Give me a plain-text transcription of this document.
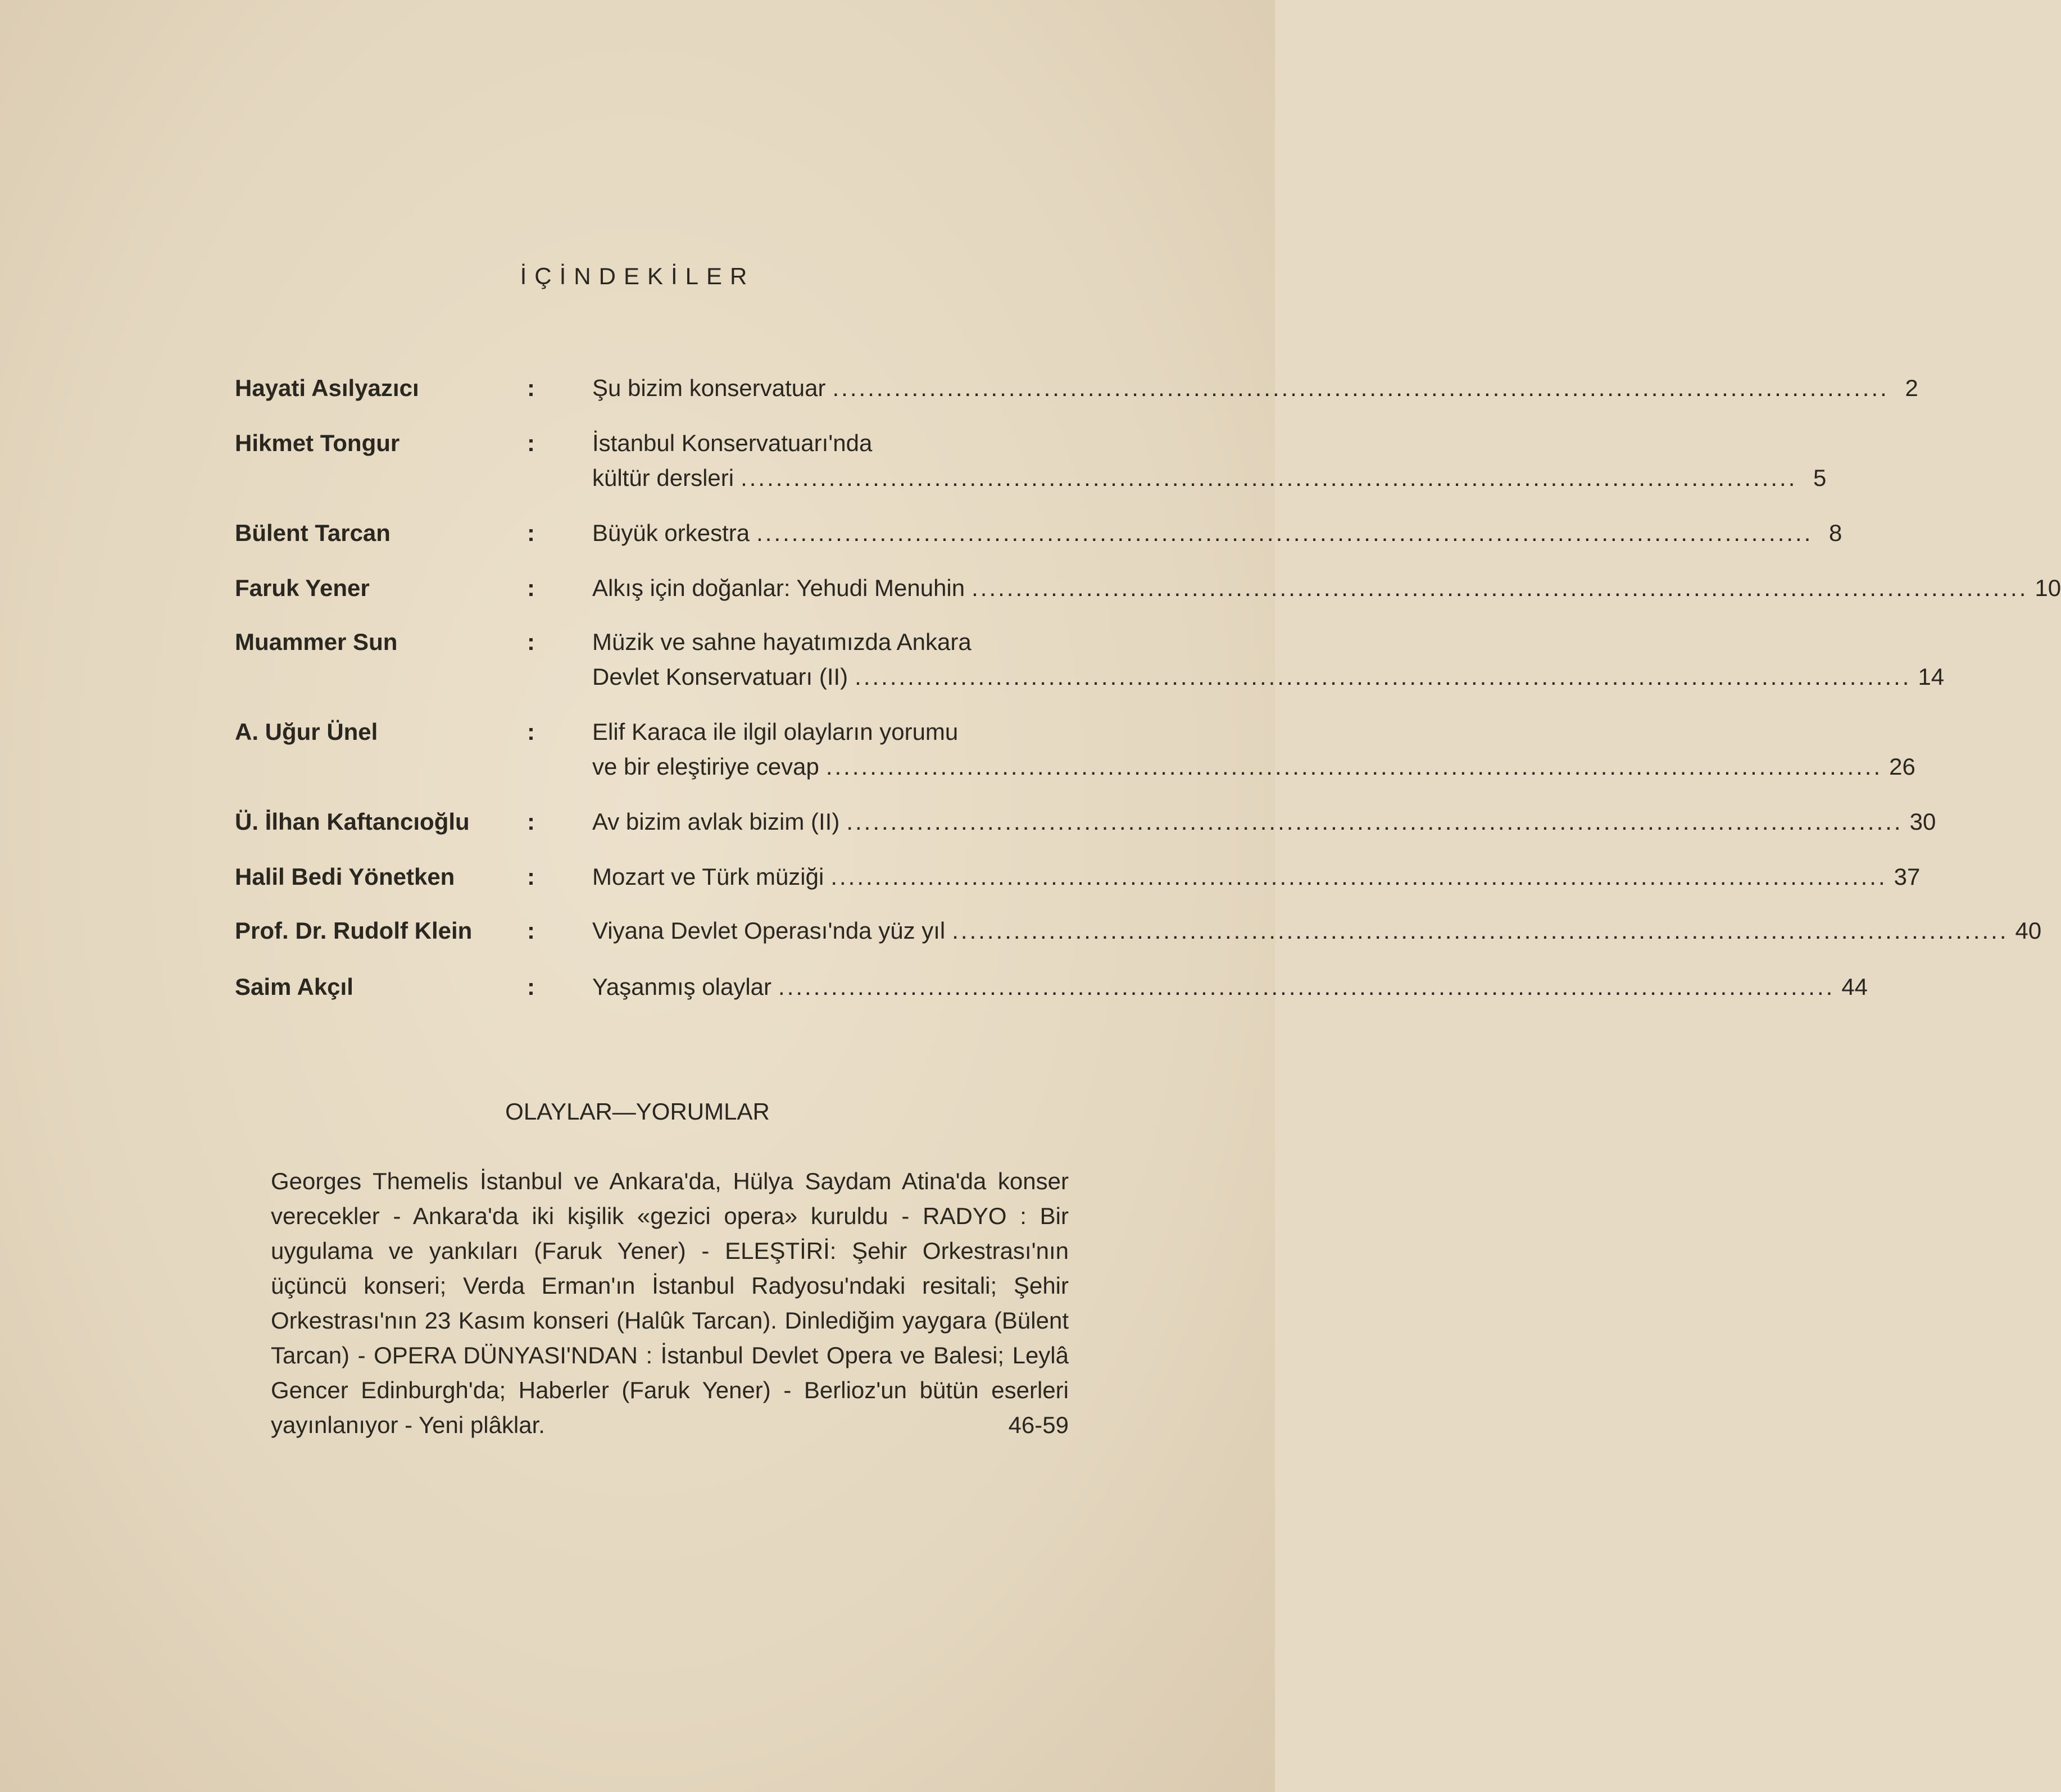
İÇİNDEKİLER
Hayati Asılyazıcı	: Şu bizim konservatuar ........................................................................................................................ 2
Hikmet Tongur	: İstanbul Konservatuarı'nda
kültür dersleri ........................................................................................................................ 5
Bülent Tarcan	: Büyük orkestra ........................................................................................................................ 8
Faruk Yener	: Alkış için doğanlar: Yehudi Menuhin ........................................................................................................................ 10
Muammer Sun	: Müzik ve sahne hayatımızda Ankara
Devlet Konservatuarı (II) ........................................................................................................................ 14
A. Uğur Ünel	: Elif Karaca ile ilgil olayların yorumu
ve bir eleştiriye cevap ........................................................................................................................ 26
Ü. İlhan Kaftancıoğlu : Av bizim avlak bizim (II) ........................................................................................................................ 30
Halil Bedi Yönetken	: Mozart ve Türk müziği ........................................................................................................................ 37
Prof. Dr. Rudolf Klein : Viyana Devlet Operası'nda yüz yıl ........................................................................................................................ 40
Saim Akçıl	: Yaşanmış olaylar ........................................................................................................................ 44
OLAYLAR—YORUMLAR
Georges Themelis İstanbul ve Ankara'da, Hülya Saydam Atina'da konser verecekler - Ankara'da iki kişilik «gezici opera» kuruldu - RADYO : Bir uygulama ve yankıları (Faruk Yener) - ELEŞTİRİ: Şehir Orkestrası'nın üçüncü konseri; Verda Erman'ın İstanbul Radyosu'ndaki resitali; Şehir Orkestrası'nın 23 Kasım konseri (Halûk Tarcan). Dinlediğim yaygara (Bülent Tarcan) - OPERA DÜNYASI'NDAN : İstanbul Devlet Opera ve Balesi; Leylâ Gencer Edinburgh'da; Haberler (Faruk Yener) - Berlioz'un bütün eserleri yayınlanıyor - Yeni plâklar.	46-59
